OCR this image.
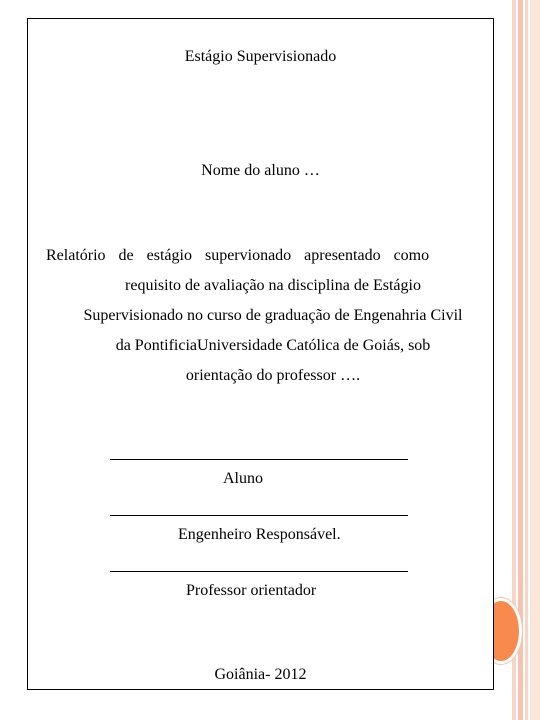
Estágio Supervisionado
Nome do aluno …
Relatório de estágio supervionado apresentado como
requisito de avaliação na disciplina de Estágio
Supervisionado no curso de graduação de Engenahria Civil
da PontificiaUniversidade Católica de Goiás, sob
orientação do professor ….
Aluno
Engenheiro Responsável.
Professor orientador
Goiânia- 2012
